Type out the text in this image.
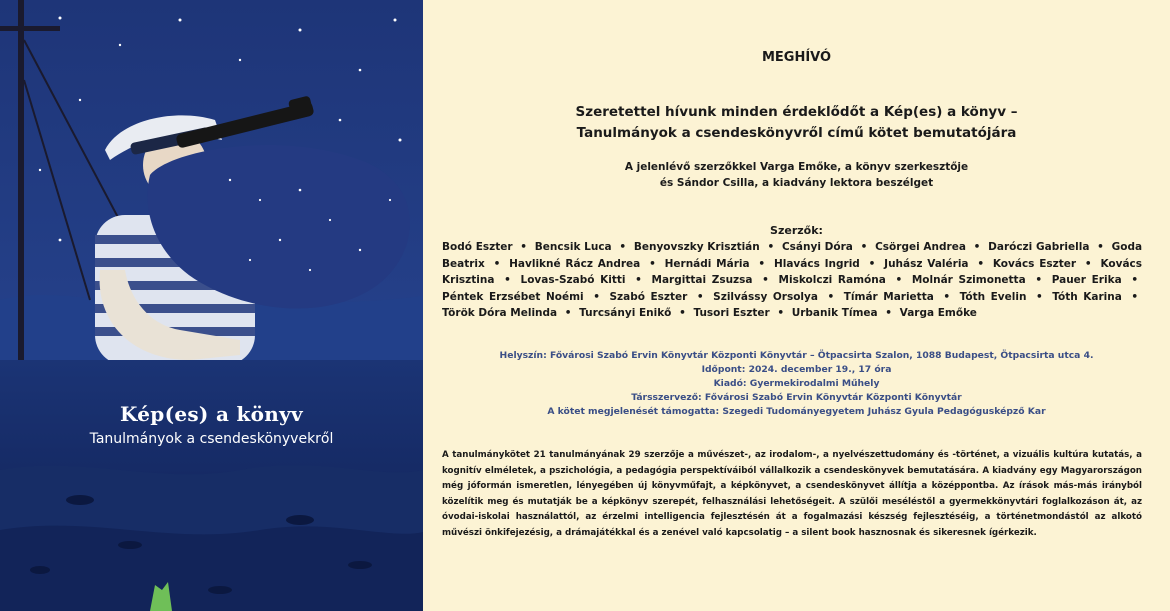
Kép(es) a könyv
Tanulmányok a csendeskönyvekről
MEGHÍVÓ
Szeretettel hívunk minden érdeklődőt a Kép(es) a könyv –
Tanulmányok a csendeskönyvről című kötet bemutatójára
A jelenlévő szerzőkkel Varga Emőke, a könyv szerkesztője
és Sándor Csilla, a kiadvány lektora beszélget
Szerzők:
Bodó Eszter • Bencsik Luca • Benyovszky Krisztián • Csányi Dóra • Csörgei Andrea • Daróczi Gabriella • Goda Beatrix • Havlikné Rácz Andrea • Hernádi Mária • Hlavács Ingrid • Juhász Valéria • Kovács Eszter • Kovács Krisztina • Lovas-Szabó Kitti • Margittai Zsuzsa • Miskolczi Ramóna • Molnár Szimonetta • Pauer Erika • Péntek Erzsébet Noémi • Szabó Eszter • Szilvássy Orsolya • Tímár Marietta • Tóth Evelin • Tóth Karina • Török Dóra Melinda • Turcsányi Enikő • Tusori Eszter • Urbanik Tímea • Varga Emőke
Helyszín: Fővárosi Szabó Ervin Könyvtár Központi Könyvtár – Ötpacsirta Szalon, 1088 Budapest, Ötpacsirta utca 4.
Időpont: 2024. december 19., 17 óra
Kiadó: Gyermekirodalmi Műhely
Társszervező: Fővárosi Szabó Ervin Könyvtár Központi Könyvtár
A kötet megjelenését támogatta: Szegedi Tudományegyetem Juhász Gyula Pedagógusképző Kar
A tanulmánykötet 21 tanulmányának 29 szerzője a művészet-, az irodalom-, a nyelvészettudomány és -történet, a vizuális kultúra kutatás, a kognitív elméletek, a pszichológia, a pedagógia perspektíváiból vállalkozik a csendeskönyvek bemutatására. A kiadvány egy Magyarországon még jóformán ismeretlen, lényegében új könyvműfajt, a képkönyvet, a csendeskönyvet állítja a középpontba. Az írások más-más irányból közelítik meg és mutatják be a képkönyv szerepét, felhasználási lehetőségeit. A szülői meséléstől a gyermekkönyvtári foglalkozáson át, az óvodai-iskolai használattól, az érzelmi intelligencia fejlesztésén át a fogalmazási készség fejlesztéséig, a történetmondástól az alkotó művészi önkifejezésig, a drámajátékkal és a zenével való kapcsolatig – a silent book hasznosnak és sikeresnek ígérkezik.
